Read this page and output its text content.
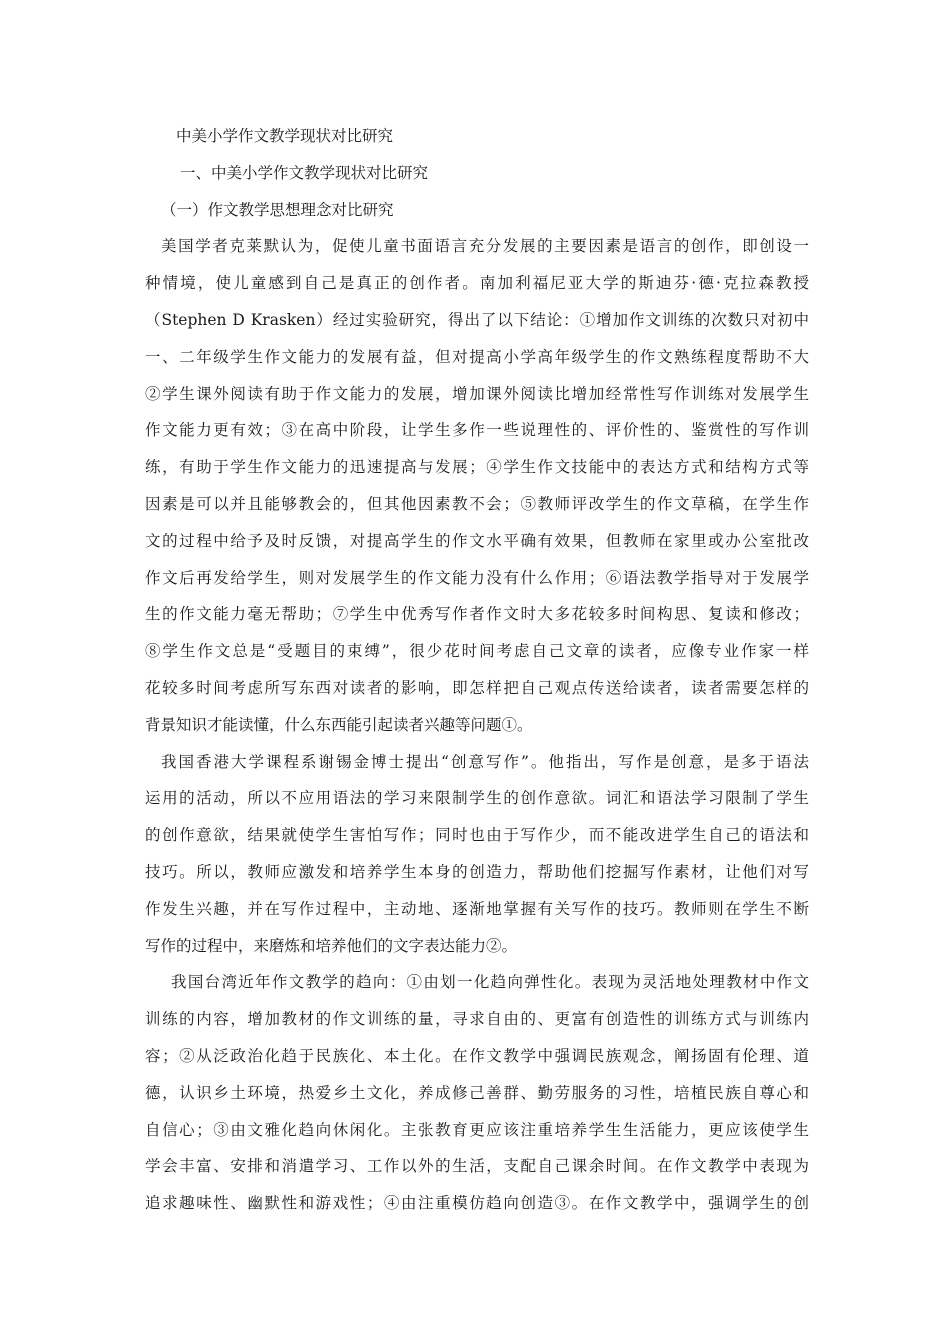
中美小学作文教学现状对比研究
一、中美小学作文教学现状对比研究
（一）作文教学思想理念对比研究
美国学者克莱默认为，促使儿童书面语言充分发展的主要因素是语言的创作，即创设一
种情境，使儿童感到自己是真正的创作者。南加利福尼亚大学的斯迪芬·德·克拉森教授
（Stephen D Krasken）经过实验研究，得出了以下结论：①增加作文训练的次数只对初中
一、二年级学生作文能力的发展有益，但对提高小学高年级学生的作文熟练程度帮助不大
②学生课外阅读有助于作文能力的发展，增加课外阅读比增加经常性写作训练对发展学生
作文能力更有效；③在高中阶段，让学生多作一些说理性的、评价性的、鉴赏性的写作训
练，有助于学生作文能力的迅速提高与发展；④学生作文技能中的表达方式和结构方式等
因素是可以并且能够教会的，但其他因素教不会；⑤教师评改学生的作文草稿，在学生作
文的过程中给予及时反馈，对提高学生的作文水平确有效果，但教师在家里或办公室批改
作文后再发给学生，则对发展学生的作文能力没有什么作用；⑥语法教学指导对于发展学
生的作文能力毫无帮助；⑦学生中优秀写作者作文时大多花较多时间构思、复读和修改；
⑧学生作文总是“受题目的束缚”，很少花时间考虑自己文章的读者，应像专业作家一样
花较多时间考虑所写东西对读者的影响，即怎样把自己观点传送给读者，读者需要怎样的
背景知识才能读懂，什么东西能引起读者兴趣等问题①。
我国香港大学课程系谢锡金博士提出“创意写作”。他指出，写作是创意，是多于语法
运用的活动，所以不应用语法的学习来限制学生的创作意欲。词汇和语法学习限制了学生
的创作意欲，结果就使学生害怕写作；同时也由于写作少，而不能改进学生自己的语法和
技巧。所以，教师应激发和培养学生本身的创造力，帮助他们挖掘写作素材，让他们对写
作发生兴趣，并在写作过程中，主动地、逐渐地掌握有关写作的技巧。教师则在学生不断
写作的过程中，来磨炼和培养他们的文字表达能力②。
我国台湾近年作文教学的趋向：①由划一化趋向弹性化。表现为灵活地处理教材中作文
训练的内容，增加教材的作文训练的量，寻求自由的、更富有创造性的训练方式与训练内
容；②从泛政治化趋于民族化、本土化。在作文教学中强调民族观念，阐扬固有伦理、道
德，认识乡土环境，热爱乡土文化，养成修己善群、勤劳服务的习性，培植民族自尊心和
自信心；③由文雅化趋向休闲化。主张教育更应该注重培养学生生活能力，更应该使学生
学会丰富、安排和消遣学习、工作以外的生活，支配自己课余时间。在作文教学中表现为
追求趣味性、幽默性和游戏性；④由注重模仿趋向创造③。在作文教学中，强调学生的创
